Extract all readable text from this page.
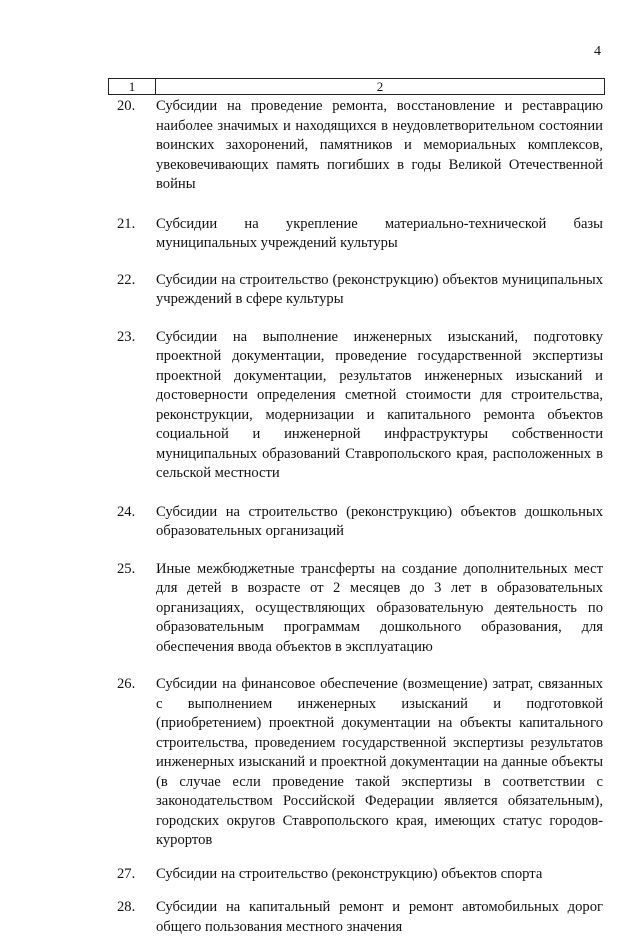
4
1	2
20.	Субсидии на проведение ремонта, восстановление и реставрацию наиболее значимых и находящихся в неудовлетворительном состоянии воинских захоронений, памятников и мемориальных комплексов, увековечивающих память погибших в годы Великой Отечественной войны
21.	Субсидии на укрепление материально-технической базы муниципальных учреждений культуры
22.	Субсидии на строительство (реконструкцию) объектов муниципальных учреждений в сфере культуры
23.	Субсидии на выполнение инженерных изысканий, подготовку проектной документации, проведение государственной экспертизы проектной документации, результатов инженерных изысканий и достоверности определения сметной стоимости для строительства, реконструкции, модернизации и капитального ремонта объектов социальной и инженерной инфраструктуры собственности муниципальных образований Ставропольского края, расположенных в сельской местности
24.	Субсидии на строительство (реконструкцию) объектов дошкольных образовательных организаций
25.	Иные межбюджетные трансферты на создание дополнительных мест для детей в возрасте от 2 месяцев до 3 лет в образовательных организациях, осуществляющих образовательную деятельность по образовательным программам дошкольного образования, для обеспечения ввода объектов в эксплуатацию
26.	Субсидии на финансовое обеспечение (возмещение) затрат, связанных с выполнением инженерных изысканий и подготовкой (приобретением) проектной документации на объекты капитального строительства, проведением государственной экспертизы результатов инженерных изысканий и проектной документации на данные объекты (в случае если проведение такой экспертизы в соответствии с законодательством Российской Федерации является обязательным), городских округов Ставропольского края, имеющих статус городов-курортов
27.	Субсидии на строительство (реконструкцию) объектов спорта
28.	Субсидии на капитальный ремонт и ремонт автомобильных дорог общего пользования местного значения
